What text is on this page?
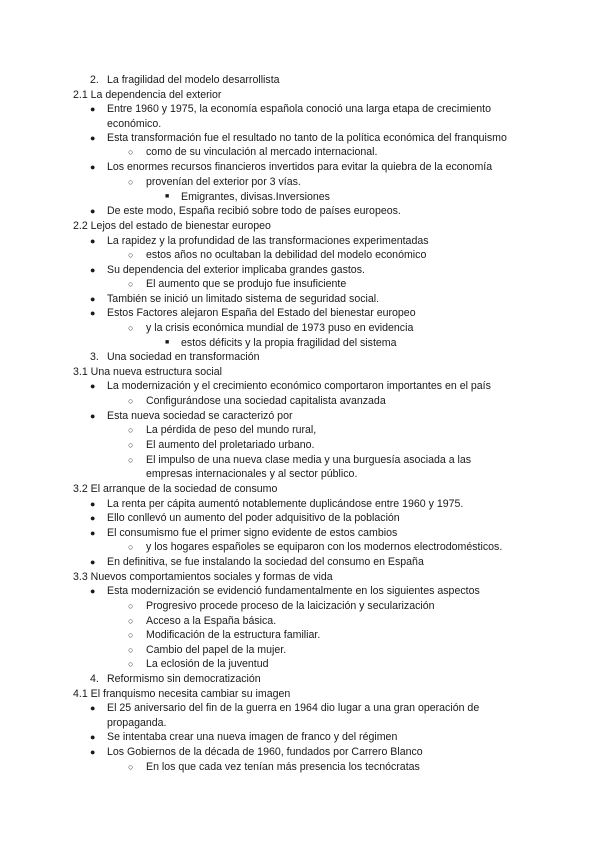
2. La fragilidad del modelo desarrollista
2.1 La dependencia del exterior
● Entre 1960 y 1975, la economía española conoció una larga etapa de crecimiento
económico.
● Esta transformación fue el resultado no tanto de la política económica del franquismo
○ como de su vinculación al mercado internacional.
● Los enormes recursos financieros invertidos para evitar la quiebra de la economía
○ provenían del exterior por 3 vías.
■ Emigrantes, divisas.Inversiones
● De este modo, España recibió sobre todo de países europeos.
2.2 Lejos del estado de bienestar europeo
● La rapidez y la profundidad de las transformaciones experimentadas
○ estos años no ocultaban la debilidad del modelo económico
● Su dependencia del exterior implicaba grandes gastos.
○ El aumento que se produjo fue insuficiente
● También se inició un limitado sistema de seguridad social.
● Estos Factores alejaron España del Estado del bienestar europeo
○ y la crisis económica mundial de 1973 puso en evidencia
■ estos déficits y la propia fragilidad del sistema
3. Una sociedad en transformación
3.1 Una nueva estructura social
● La modernización y el crecimiento económico comportaron importantes en el país
○ Configurándose una sociedad capitalista avanzada
● Esta nueva sociedad se caracterizó por
○ La pérdida de peso del mundo rural,
○ El aumento del proletariado urbano.
○ El impulso de una nueva clase media y una burguesía asociada a las
empresas internacionales y al sector público.
3.2 El arranque de la sociedad de consumo
● La renta per cápita aumentó notablemente duplicándose entre 1960 y 1975.
● Ello conllevó un aumento del poder adquisitivo de la población
● El consumismo fue el primer signo evidente de estos cambios
○ y los hogares españoles se equiparon con los modernos electrodomésticos.
● En definitiva, se fue instalando la sociedad del consumo en España
3.3 Nuevos comportamientos sociales y formas de vida
● Esta modernización se evidenció fundamentalmente en los siguientes aspectos
○ Progresivo procede proceso de la laicización y secularización
○ Acceso a la España básica.
○ Modificación de la estructura familiar.
○ Cambio del papel de la mujer.
○ La eclosión de la juventud
4. Reformismo sin democratización
4.1 El franquismo necesita cambiar su imagen
● El 25 aniversario del fin de la guerra en 1964 dio lugar a una gran operación de
propaganda.
● Se intentaba crear una nueva imagen de franco y del régimen
● Los Gobiernos de la década de 1960, fundados por Carrero Blanco
○ En los que cada vez tenían más presencia los tecnócratas
